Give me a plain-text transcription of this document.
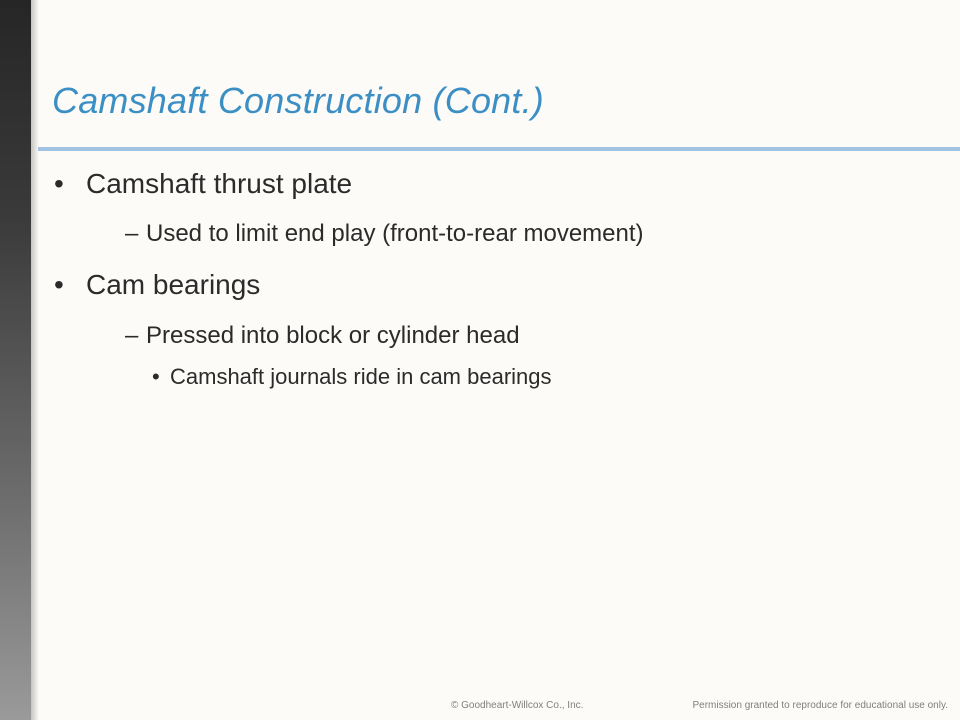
Camshaft Construction (Cont.)
• Camshaft thrust plate
– Used to limit end play (front-to-rear movement)
• Cam bearings
– Pressed into block or cylinder head
• Camshaft journals ride in cam bearings
© Goodheart-Willcox Co., Inc.	Permission granted to reproduce for educational use only.
